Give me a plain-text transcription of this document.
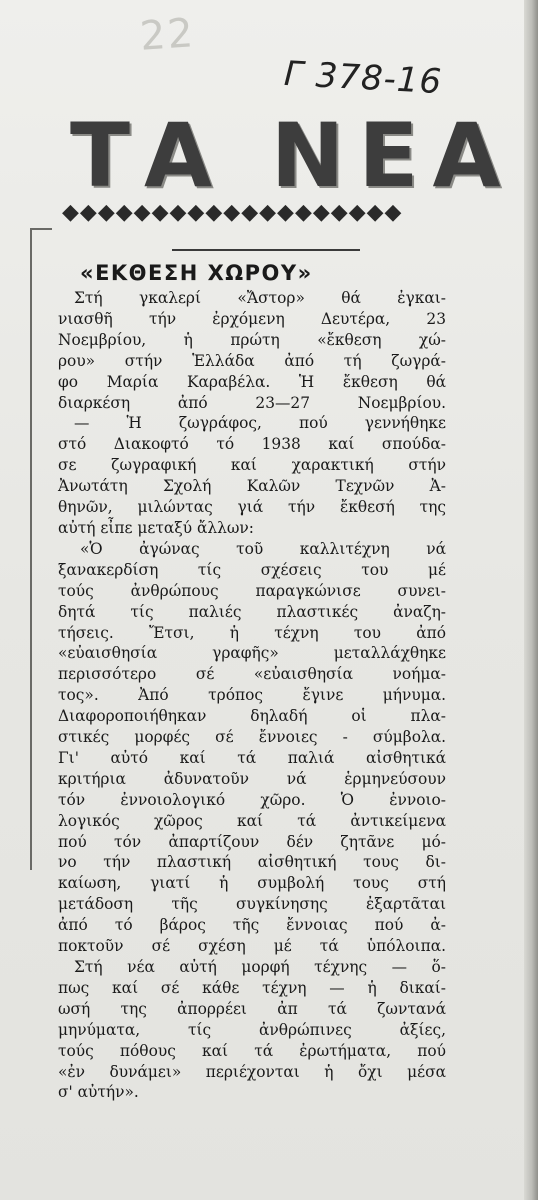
22
Γ 378-16
ΤΑ ΝΕΑ
◆◆◆◆◆◆◆◆◆◆◆◆◆◆◆◆◆◆◆
«ΕΚΘΕΣΗ ΧΩΡΟΥ»
Στή γκαλερί «Ἄστορ» θά ἐγκαι-
νιασθῆ τήν ἐρχόμενη Δευτέρα, 23
Νοεμβρίου, ἡ πρώτη «ἔκθεση χώ-
ρου» στήν Ἑλλάδα ἀπό τή ζωγρά-
φο Μαρία Καραβέλα. Ἡ ἔκθεση θά
διαρκέση ἀπό 23—27 Νοεμβρίου.
— Ἡ ζωγράφος, πού γεννήθηκε
στό Διακοφτό τό 1938 καί σπούδα-
σε ζωγραφική καί χαρακτική στήν
Ἀνωτάτη Σχολή Καλῶν Τεχνῶν Ἀ-
θηνῶν, μιλώντας γιά τήν ἔκθεσή της
αὐτή εἶπε μεταξύ ἄλλων:
«Ὁ ἀγώνας τοῦ καλλιτέχνη νά
ξανακερδίση τίς σχέσεις του μέ
τούς ἀνθρώπους παραγκώνισε συνει-
δητά τίς παλιές πλαστικές ἀναζη-
τήσεις. Ἔτσι, ἡ τέχνη του ἀπό
«εὐαισθησία γραφῆς» μεταλλάχθηκε
περισσότερο σέ «εὐαισθησία νοήμα-
τος». Ἀπό τρόπος ἔγινε μήνυμα.
Διαφοροποιήθηκαν δηλαδή οἱ πλα-
στικές μορφές σέ ἔννοιες - σύμβολα.
Γι' αὐτό καί τά παλιά αἰσθητικά
κριτήρια ἀδυνατοῦν νά ἑρμηνεύσουν
τόν ἐννοιολογικό χῶρο. Ὁ ἐννοιο-
λογικός χῶρος καί τά ἀντικείμενα
πού τόν ἀπαρτίζουν δέν ζητᾶνε μό-
νο τήν πλαστική αἰσθητική τους δι-
καίωση, γιατί ἡ συμβολή τους στή
μετάδοση τῆς συγκίνησης ἐξαρτᾶται
ἀπό τό βάρος τῆς ἔννοιας πού ἀ-
ποκτοῦν σέ σχέση μέ τά ὑπόλοιπα.
Στή νέα αὐτή μορφή τέχνης — ὅ-
πως καί σέ κάθε τέχνη — ἡ δικαί-
ωσή της ἀπορρέει ἀπ τά ζωντανά
μηνύματα, τίς ἀνθρώπινες ἀξίες,
τούς πόθους καί τά ἐρωτήματα, πού
«ἐν δυνάμει» περιέχονται ἡ ὄχι μέσα
σ' αὐτήν».
